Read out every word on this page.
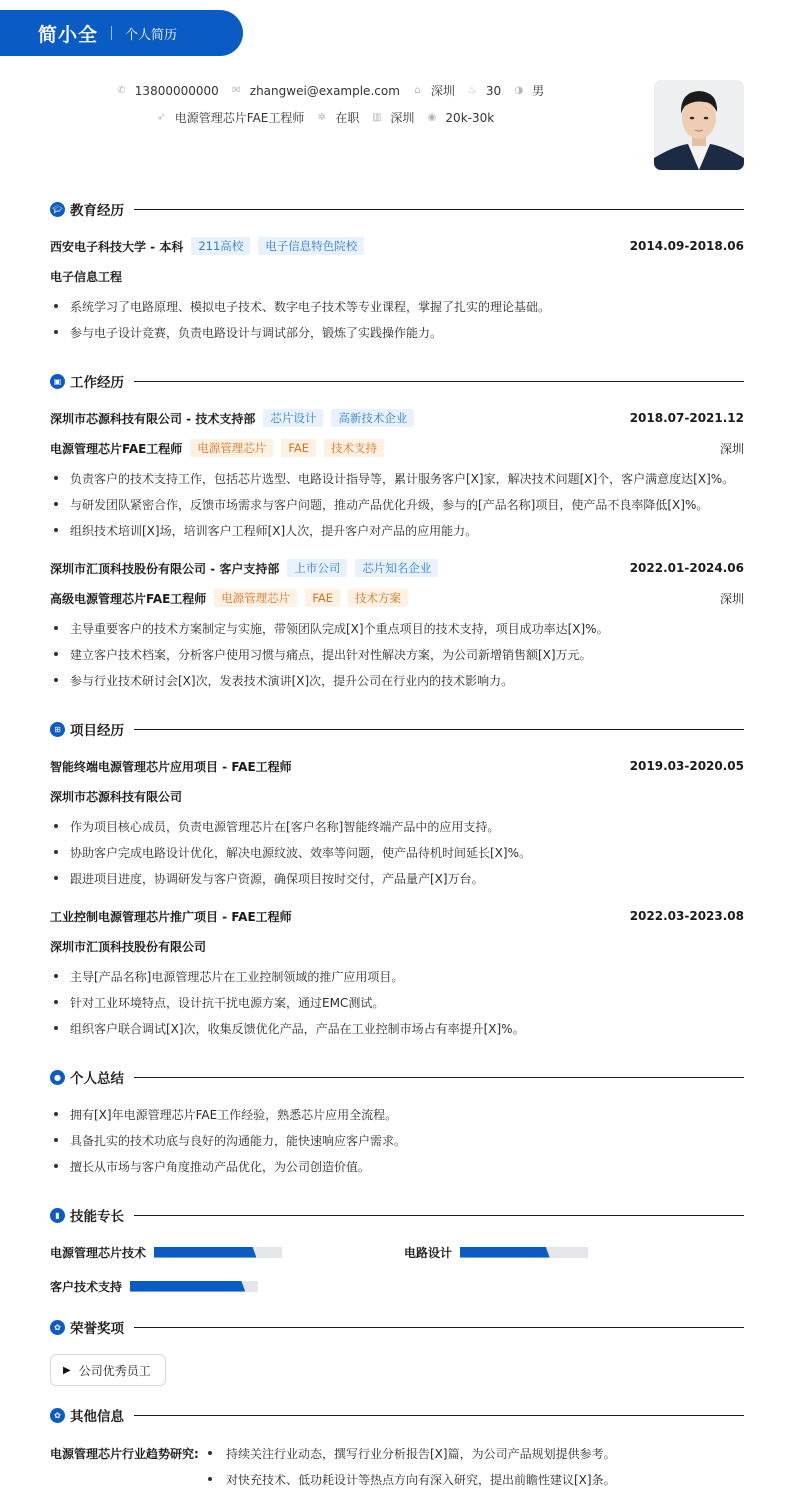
简小全 个人简历
✆ 13800000000 ✉ zhangwei@example.com ⌂ 深圳 ♨ 30 ◑ 男
➶ 电源管理芯片FAE工程师 ✲ 在职 ▥ 深圳 ◉ 20k-30k
🎓︎ 教育经历
西安电子科技大学 - 本科	211高校	电子信息特色院校	2014.09-2018.06
电子信息工程
系统学习了电路原理、模拟电子技术、数字电子技术等专业课程，掌握了扎实的理论基础。
参与电子设计竞赛，负责电路设计与调试部分，锻炼了实践操作能力。
▣ 工作经历
深圳市芯源科技有限公司 - 技术支持部	芯片设计	高新技术企业	2018.07-2021.12
电源管理芯片FAE工程师	电源管理芯片	FAE	技术支持	深圳
负责客户的技术支持工作，包括芯片选型、电路设计指导等，累计服务客户[X]家，解决技术问题[X]个，客户满意度达[X]%。
与研发团队紧密合作，反馈市场需求与客户问题，推动产品优化升级，参与的[产品名称]项目，使产品不良率降低[X]%。
组织技术培训[X]场，培训客户工程师[X]人次，提升客户对产品的应用能力。
深圳市汇顶科技股份有限公司 - 客户支持部	上市公司	芯片知名企业	2022.01-2024.06
高级电源管理芯片FAE工程师	电源管理芯片	FAE	技术方案	深圳
主导重要客户的技术方案制定与实施，带领团队完成[X]个重点项目的技术支持，项目成功率达[X]%。
建立客户技术档案，分析客户使用习惯与痛点，提出针对性解决方案，为公司新增销售额[X]万元。
参与行业技术研讨会[X]次，发表技术演讲[X]次，提升公司在行业内的技术影响力。
⊞ 项目经历
智能终端电源管理芯片应用项目 - FAE工程师	2019.03-2020.05
深圳市芯源科技有限公司
作为项目核心成员，负责电源管理芯片在[客户名称]智能终端产品中的应用支持。
协助客户完成电路设计优化，解决电源纹波、效率等问题，使产品待机时间延长[X]%。
跟进项目进度，协调研发与客户资源，确保项目按时交付，产品量产[X]万台。
工业控制电源管理芯片推广项目 - FAE工程师	2022.03-2023.08
深圳市汇顶科技股份有限公司
主导[产品名称]电源管理芯片在工业控制领域的推广应用项目。
针对工业环境特点，设计抗干扰电源方案，通过EMC测试。
组织客户联合调试[X]次，收集反馈优化产品，产品在工业控制市场占有率提升[X]%。
● 个人总结
拥有[X]年电源管理芯片FAE工作经验，熟悉芯片应用全流程。
具备扎实的技术功底与良好的沟通能力，能快速响应客户需求。
擅长从市场与客户角度推动产品优化，为公司创造价值。
▮ 技能专长
电源管理芯片技术	电路设计
客户技术支持
✿ 荣誉奖项
▶ 公司优秀员工
✿ 其他信息
电源管理芯片行业趋势研究: 持续关注行业动态，撰写行业分析报告[X]篇，为公司产品规划提供参考。
对快充技术、低功耗设计等热点方向有深入研究，提出前瞻性建议[X]条。
